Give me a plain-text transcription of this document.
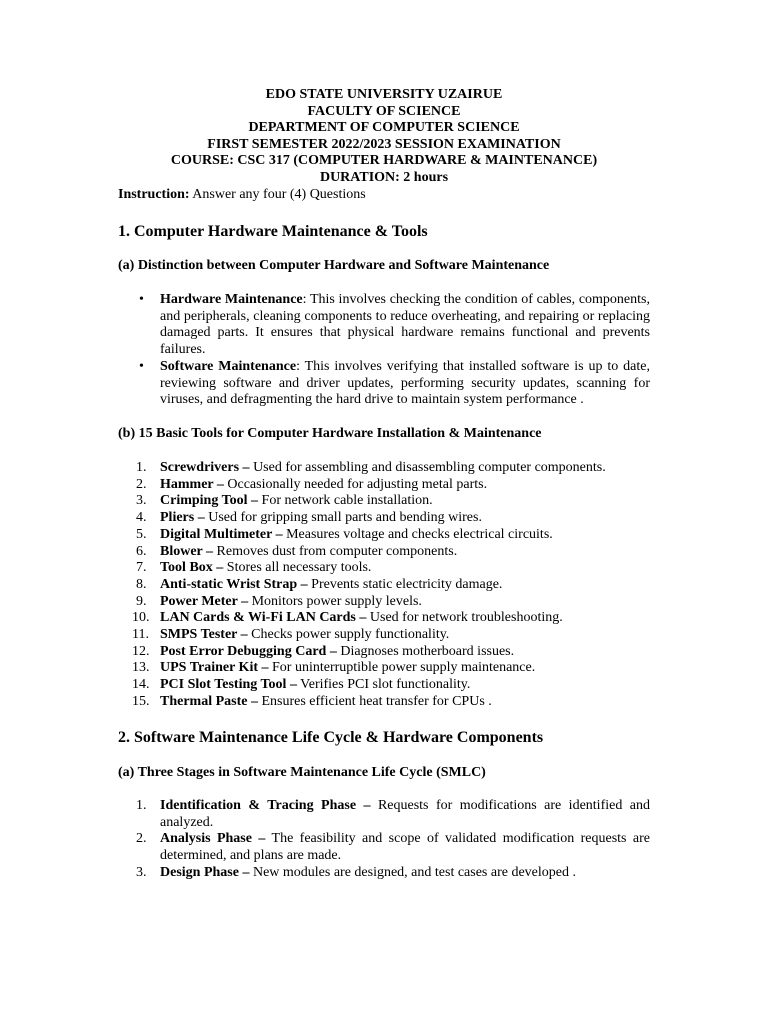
EDO STATE UNIVERSITY UZAIRUE
FACULTY OF SCIENCE
DEPARTMENT OF COMPUTER SCIENCE
FIRST SEMESTER 2022/2023 SESSION EXAMINATION
COURSE: CSC 317 (COMPUTER HARDWARE & MAINTENANCE)
DURATION: 2 hours
Instruction: Answer any four (4) Questions
1. Computer Hardware Maintenance & Tools
(a) Distinction between Computer Hardware and Software Maintenance
• Hardware Maintenance: This involves checking the condition of cables, components, and peripherals, cleaning components to reduce overheating, and repairing or replacing damaged parts. It ensures that physical hardware remains functional and prevents failures.
• Software Maintenance: This involves verifying that installed software is up to date, reviewing software and driver updates, performing security updates, scanning for viruses, and defragmenting the hard drive to maintain system performance .
(b) 15 Basic Tools for Computer Hardware Installation & Maintenance
1. Screwdrivers – Used for assembling and disassembling computer components.
2. Hammer – Occasionally needed for adjusting metal parts.
3. Crimping Tool – For network cable installation.
4. Pliers – Used for gripping small parts and bending wires.
5. Digital Multimeter – Measures voltage and checks electrical circuits.
6. Blower – Removes dust from computer components.
7. Tool Box – Stores all necessary tools.
8. Anti-static Wrist Strap – Prevents static electricity damage.
9. Power Meter – Monitors power supply levels.
10. LAN Cards & Wi-Fi LAN Cards – Used for network troubleshooting.
11. SMPS Tester – Checks power supply functionality.
12. Post Error Debugging Card – Diagnoses motherboard issues.
13. UPS Trainer Kit – For uninterruptible power supply maintenance.
14. PCI Slot Testing Tool – Verifies PCI slot functionality.
15. Thermal Paste – Ensures efficient heat transfer for CPUs .
2. Software Maintenance Life Cycle & Hardware Components
(a) Three Stages in Software Maintenance Life Cycle (SMLC)
1. Identification & Tracing Phase – Requests for modifications are identified and analyzed.
2. Analysis Phase – The feasibility and scope of validated modification requests are determined, and plans are made.
3. Design Phase – New modules are designed, and test cases are developed .
